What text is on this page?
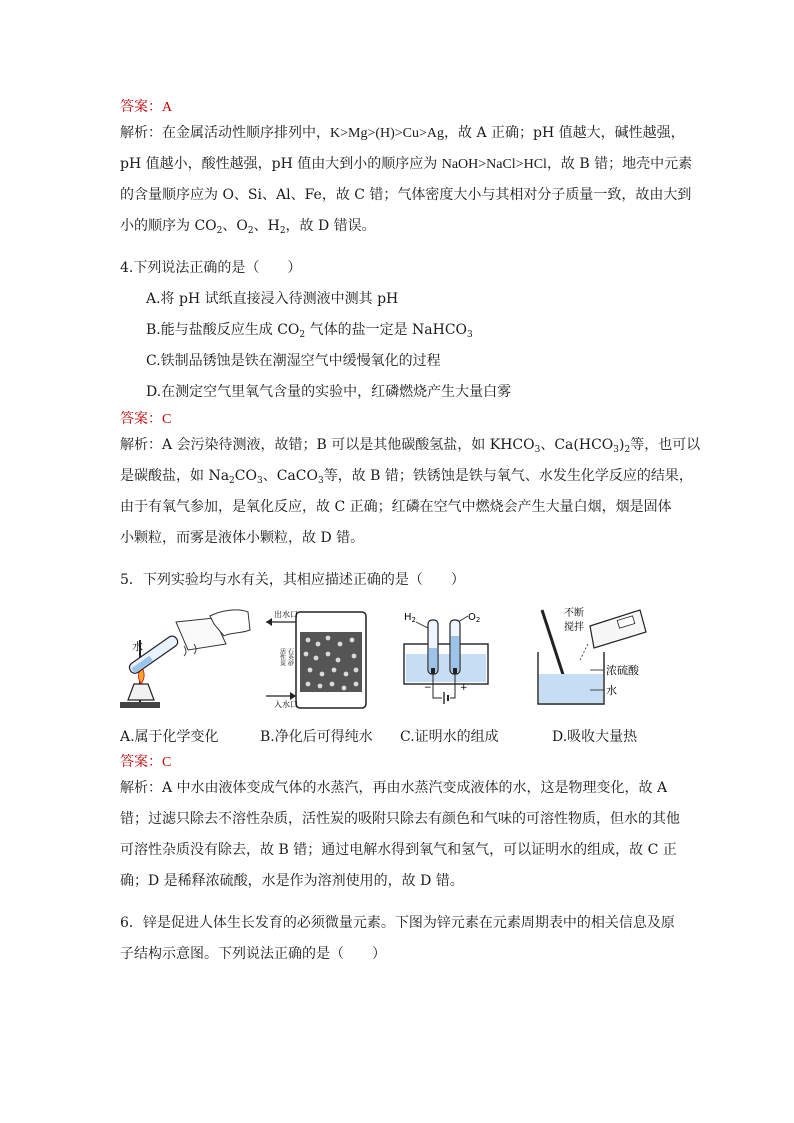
答案：A
解析：在金属活动性顺序排列中，K>Mg>(H)>Cu>Ag，故 A 正确；pH 值越大，碱性越强，
pH 值越小，酸性越强，pH 值由大到小的顺序应为 NaOH>NaCl>HCl，故 B 错；地壳中元素
的含量顺序应为 O、Si、Al、Fe，故 C 错；气体密度大小与其相对分子质量一致，故由大到
小的顺序为 $CO_2$、$O_2$、$H_2$，故 D 错误。
4.下列说法正确的是（　　）
A.将 pH 试纸直接浸入待测液中测其 pH
B.能与盐酸反应生成 $CO_2$ 气体的盐一定是 NaHCO$_3$
C.铁制品锈蚀是铁在潮湿空气中缓慢氧化的过程
D.在测定空气里氧气含量的实验中，红磷燃烧产生大量白雾
答案：C
解析：A 会污染待测液，故错；B 可以是其他碳酸氢盐，如 $KHCO_3$、$Ca(HCO_3)_2$等，也可以
是碳酸盐，如 $Na_2CO_3$、CaCO$_3$等，故 B 错；铁锈蚀是铁与氧气、水发生化学反应的结果，
由于有氧气参加，是氧化反应，故 C 正确；红磷在空气中燃烧会产生大量白烟，烟是固体
小颗粒，而雾是液体小颗粒，故 D 错。
5．下列实验均与水有关，其相应描述正确的是（　　）
水
出水口
入水口
活性炭 石英砂
$H_2$	$O_2$
−	+
不断
搅拌
浓硫酸
水
A.属于化学变化	B.净化后可得纯水 C.证明水的组成	D.吸收大量热
答案：C
解析：A 中水由液体变成气体的水蒸汽，再由水蒸汽变成液体的水，这是物理变化，故 A
错；过滤只除去不溶性杂质，活性炭的吸附只除去有颜色和气味的可溶性物质，但水的其他
可溶性杂质没有除去，故 B 错；通过电解水得到氧气和氢气，可以证明水的组成，故 C 正
确；D 是稀释浓硫酸，水是作为溶剂使用的，故 D 错。
6．锌是促进人体生长发育的必须微量元素。下图为锌元素在元素周期表中的相关信息及原
子结构示意图。下列说法正确的是（　　）
